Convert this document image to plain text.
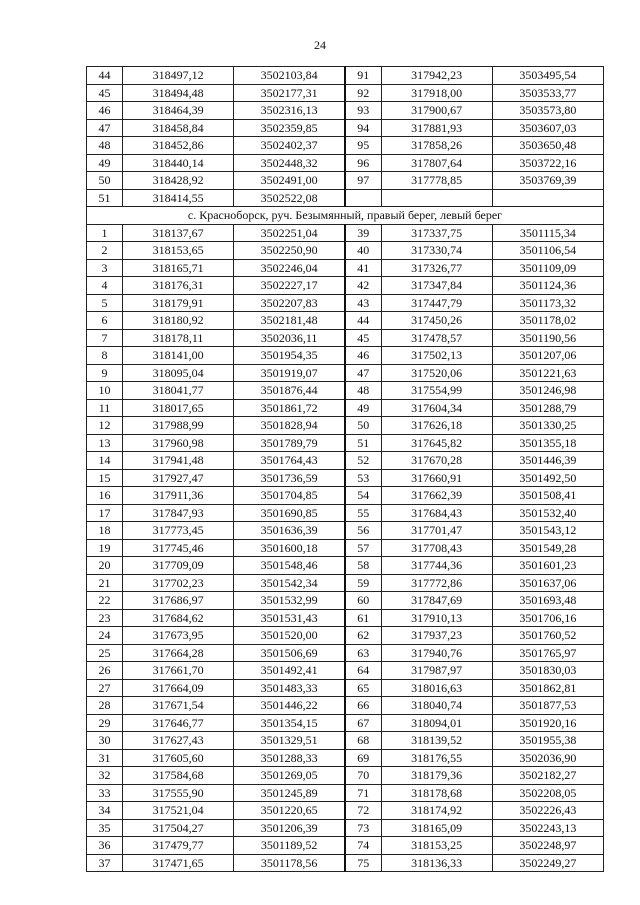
24
44	318497,12	3502103,84	91	317942,23	3503495,54
45	318494,48	3502177,31	92	317918,00	3503533,77
46	318464,39	3502316,13	93	317900,67	3503573,80
47	318458,84	3502359,85	94	317881,93	3503607,03
48	318452,86	3502402,37	95	317858,26	3503650,48
49	318440,14	3502448,32	96	317807,64	3503722,16
50	318428,92	3502491,00	97	317778,85	3503769,39
51	318414,55	3502522,08			
с. Красноборск, руч. Безымянный, правый берег, левый берег					
1	318137,67	3502251,04	39	317337,75	3501115,34
2	318153,65	3502250,90	40	317330,74	3501106,54
3	318165,71	3502246,04	41	317326,77	3501109,09
4	318176,31	3502227,17	42	317347,84	3501124,36
5	318179,91	3502207,83	43	317447,79	3501173,32
6	318180,92	3502181,48	44	317450,26	3501178,02
7	318178,11	3502036,11	45	317478,57	3501190,56
8	318141,00	3501954,35	46	317502,13	3501207,06
9	318095,04	3501919,07	47	317520,06	3501221,63
10	318041,77	3501876,44	48	317554,99	3501246,98
11	318017,65	3501861,72	49	317604,34	3501288,79
12	317988,99	3501828,94	50	317626,18	3501330,25
13	317960,98	3501789,79	51	317645,82	3501355,18
14	317941,48	3501764,43	52	317670,28	3501446,39
15	317927,47	3501736,59	53	317660,91	3501492,50
16	317911,36	3501704,85	54	317662,39	3501508,41
17	317847,93	3501690,85	55	317684,43	3501532,40
18	317773,45	3501636,39	56	317701,47	3501543,12
19	317745,46	3501600,18	57	317708,43	3501549,28
20	317709,09	3501548,46	58	317744,36	3501601,23
21	317702,23	3501542,34	59	317772,86	3501637,06
22	317686,97	3501532,99	60	317847,69	3501693,48
23	317684,62	3501531,43	61	317910,13	3501706,16
24	317673,95	3501520,00	62	317937,23	3501760,52
25	317664,28	3501506,69	63	317940,76	3501765,97
26	317661,70	3501492,41	64	317987,97	3501830,03
27	317664,09	3501483,33	65	318016,63	3501862,81
28	317671,54	3501446,22	66	318040,74	3501877,53
29	317646,77	3501354,15	67	318094,01	3501920,16
30	317627,43	3501329,51	68	318139,52	3501955,38
31	317605,60	3501288,33	69	318176,55	3502036,90
32	317584,68	3501269,05	70	318179,36	3502182,27
33	317555,90	3501245,89	71	318178,68	3502208,05
34	317521,04	3501220,65	72	318174,92	3502226,43
35	317504,27	3501206,39	73	318165,09	3502243,13
36	317479,77	3501189,52	74	318153,25	3502248,97
37	317471,65	3501178,56	75	318136,33	3502249,27
